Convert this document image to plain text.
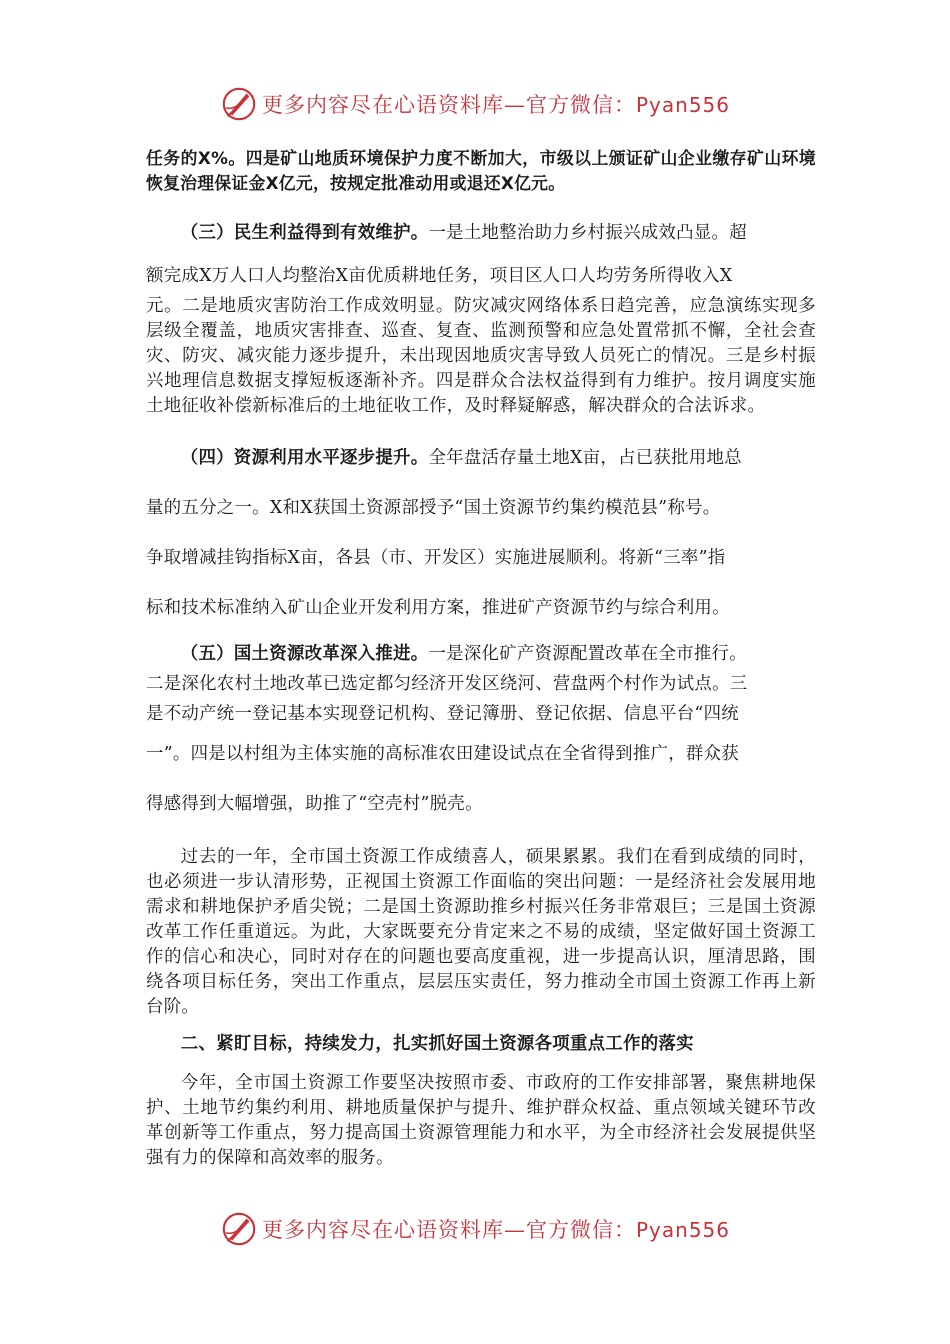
更多内容尽在心语资料库—官方微信：Pyan556

任务的X%。四是矿山地质环境保护力度不断加大，市级以上颁证矿山企业缴存矿山环境恢复治理保证金X亿元，按规定批准动用或退还X亿元。

（三）民生利益得到有效维护。一是土地整治助力乡村振兴成效凸显。超
额完成X万人口人均整治X亩优质耕地任务，项目区人口人均劳务所得收入X
元。二是地质灾害防治工作成效明显。防灾减灾网络体系日趋完善，应急演练实现多层级全覆盖，地质灾害排查、巡查、复查、监测预警和应急处置常抓不懈，全社会查灾、防灾、减灾能力逐步提升，未出现因地质灾害导致人员死亡的情况。三是乡村振兴地理信息数据支撑短板逐渐补齐。四是群众合法权益得到有力维护。按月调度实施土地征收补偿新标准后的土地征收工作，及时释疑解惑，解决群众的合法诉求。

（四）资源利用水平逐步提升。全年盘活存量土地X亩，占已获批用地总
量的五分之一。X和X获国土资源部授予“国土资源节约集约模范县”称号。
争取增减挂钩指标X亩，各县（市、开发区）实施进展顺利。将新“三率”指
标和技术标准纳入矿山企业开发利用方案，推进矿产资源节约与综合利用。

（五）国土资源改革深入推进。一是深化矿产资源配置改革在全市推行。
二是深化农村土地改革已选定都匀经济开发区绕河、营盘两个村作为试点。三
是不动产统一登记基本实现登记机构、登记簿册、登记依据、信息平台“四统
一”。四是以村组为主体实施的高标准农田建设试点在全省得到推广，群众获
得感得到大幅增强，助推了“空壳村”脱壳。

过去的一年，全市国土资源工作成绩喜人，硕果累累。我们在看到成绩的同时，也必须进一步认清形势，正视国土资源工作面临的突出问题：一是经济社会发展用地需求和耕地保护矛盾尖锐；二是国土资源助推乡村振兴任务非常艰巨；三是国土资源改革工作任重道远。为此，大家既要充分肯定来之不易的成绩，坚定做好国土资源工作的信心和决心，同时对存在的问题也要高度重视，进一步提高认识，厘清思路，围绕各项目标任务，突出工作重点，层层压实责任，努力推动全市国土资源工作再上新台阶。

二、紧盯目标，持续发力，扎实抓好国土资源各项重点工作的落实

今年，全市国土资源工作要坚决按照市委、市政府的工作安排部署，聚焦耕地保护、土地节约集约利用、耕地质量保护与提升、维护群众权益、重点领域关键环节改革创新等工作重点，努力提高国土资源管理能力和水平，为全市经济社会发展提供坚强有力的保障和高效率的服务。

更多内容尽在心语资料库—官方微信：Pyan556
